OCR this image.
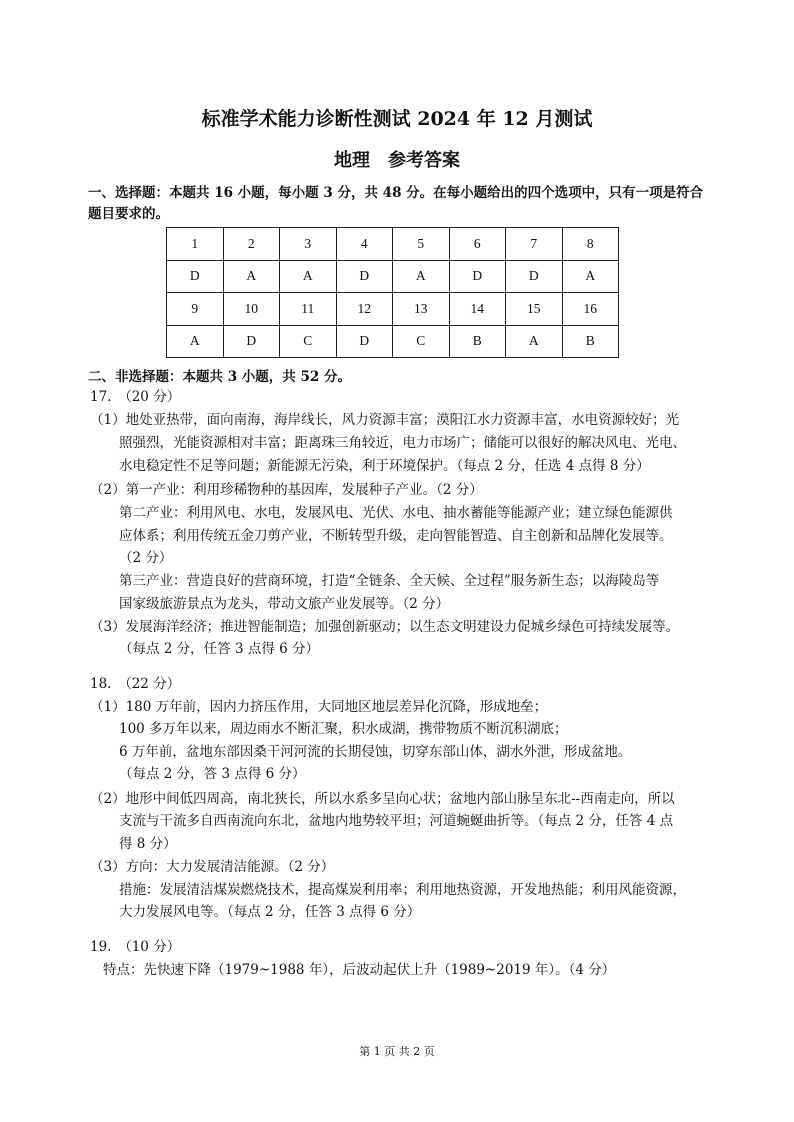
标准学术能力诊断性测试 2024 年 12 月测试
地理　参考答案
一、选择题：本题共 16 小题，每小题 3 分，共 48 分。在每小题给出的四个选项中，只有一项是符合
题目要求的。
1	2	3	4	5	6	7	8
D	A	A	D	A	D	D	A
9	10	11	12	13	14	15	16
A	D	C	D	C	B	A	B
二、非选择题：本题共 3 小题，共 52 分。
17.　（20 分）
（1）地处亚热带，面向南海，海岸线长，风力资源丰富；漠阳江水力资源丰富，水电资源较好；光
照强烈，光能资源相对丰富；距离珠三角较近，电力市场广；储能可以很好的解决风电、光电、
水电稳定性不足等问题；新能源无污染，利于环境保护。（每点 2 分，任选 4 点得 8 分）
（2）第一产业：利用珍稀物种的基因库，发展种子产业。（2 分）
第二产业：利用风电、水电，发展风电、光伏、水电、抽水蓄能等能源产业；建立绿色能源供
应体系；利用传统五金刀剪产业，不断转型升级，走向智能智造、自主创新和品牌化发展等。
（2 分）
第三产业：营造良好的营商环境，打造“全链条、全天候、全过程”服务新生态；以海陵岛等
国家级旅游景点为龙头，带动文旅产业发展等。（2 分）
（3）发展海洋经济；推进智能制造；加强创新驱动；以生态文明建设力促城乡绿色可持续发展等。
（每点 2 分，任答 3 点得 6 分）
18.　（22 分）
（1）180 万年前，因内力挤压作用，大同地区地层差异化沉降，形成地垒；
100 多万年以来，周边雨水不断汇聚，积水成湖，携带物质不断沉积湖底；
6 万年前，盆地东部因桑干河河流的长期侵蚀，切穿东部山体，湖水外泄，形成盆地。
（每点 2 分，答 3 点得 6 分）
（2）地形中间低四周高，南北狭长，所以水系多呈向心状；盆地内部山脉呈东北--西南走向，所以
支流与干流多自西南流向东北，盆地内地势较平坦；河道蜿蜒曲折等。（每点 2 分，任答 4 点
得 8 分）
（3）方向：大力发展清洁能源。（2 分）
措施：发展清洁煤炭燃烧技术，提高煤炭利用率；利用地热资源，开发地热能；利用风能资源，
大力发展风电等。（每点 2 分，任答 3 点得 6 分）
19.　（10 分）
特点：先快速下降（1979~1988 年），后波动起伏上升（1989~2019 年）。（4 分）
第 1 页 共 2 页
